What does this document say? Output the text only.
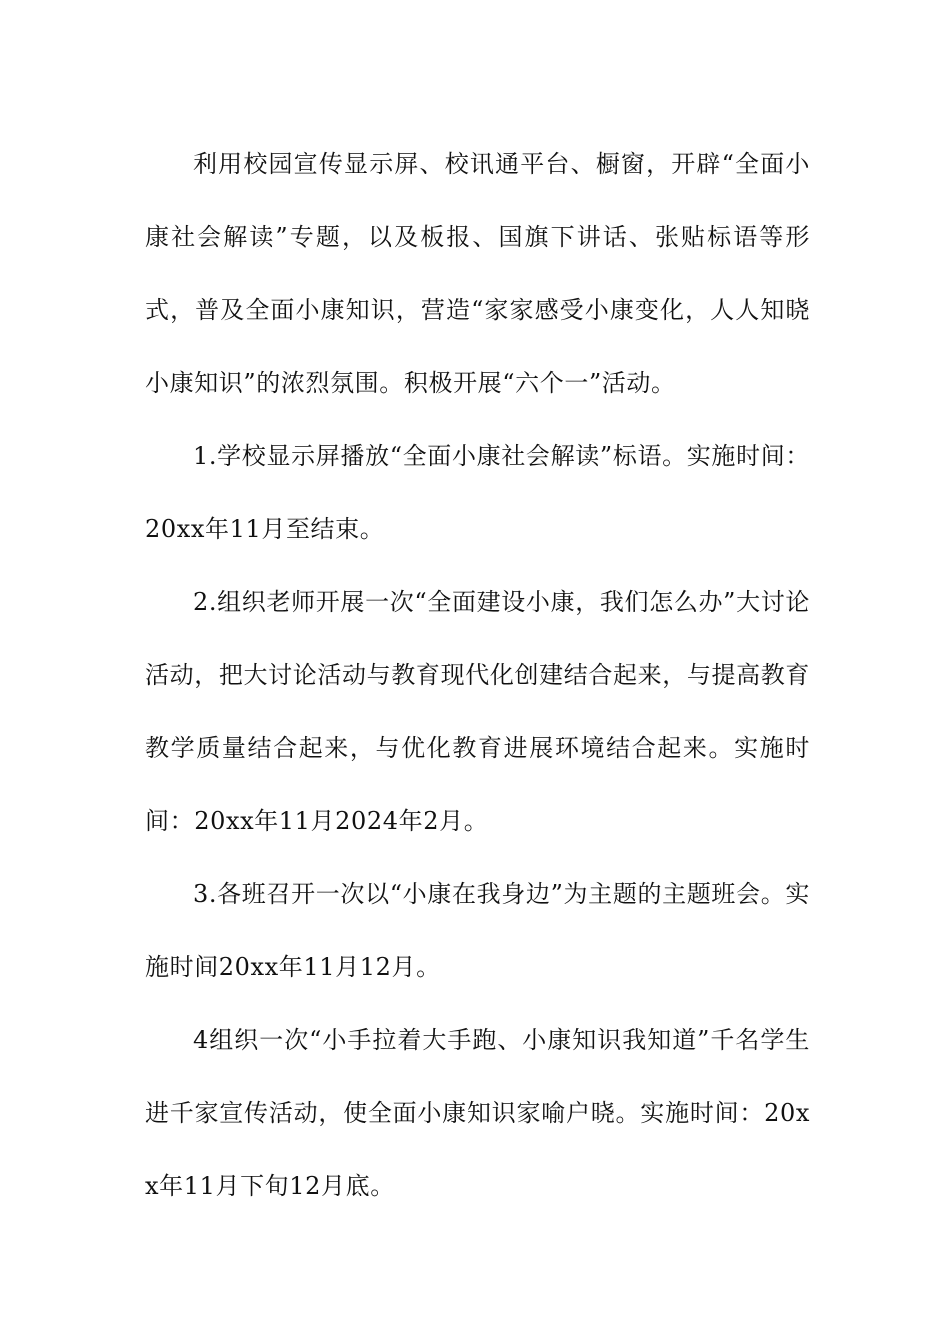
利用校园宣传显示屏、校讯通平台、橱窗，开辟“全面小康社会解读”专题，以及板报、国旗下讲话、张贴标语等形式，普及全面小康知识，营造“家家感受小康变化，人人知晓小康知识”的浓烈氛围。积极开展“六个一”活动。

1.学校显示屏播放“全面小康社会解读”标语。实施时间：20xx年11月至结束。

2.组织老师开展一次“全面建设小康，我们怎么办”大讨论活动，把大讨论活动与教育现代化创建结合起来，与提高教育教学质量结合起来，与优化教育进展环境结合起来。实施时间：20xx年11月2024年2月。

3.各班召开一次以“小康在我身边”为主题的主题班会。实施时间20xx年11月12月。

4组织一次“小手拉着大手跑、小康知识我知道”千名学生进千家宣传活动，使全面小康知识家喻户晓。实施时间：20xx年11月下旬12月底。
